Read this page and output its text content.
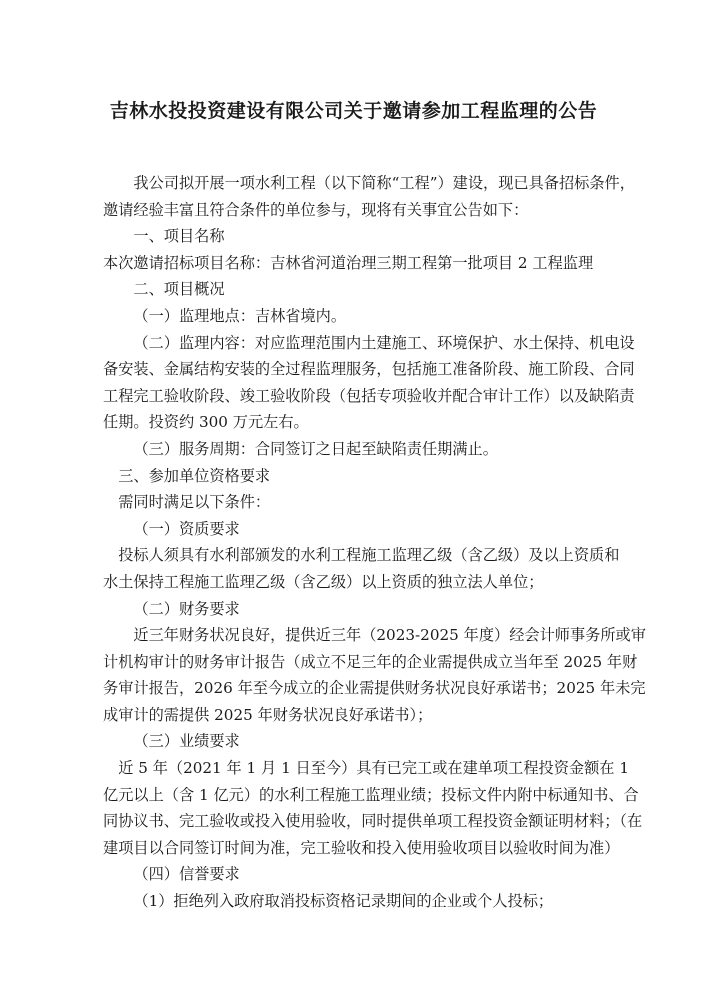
吉林水投投资建设有限公司关于邀请参加工程监理的公告

我公司拟开展一项水利工程（以下简称“工程”）建设，现已具备招标条件，

邀请经验丰富且符合条件的单位参与，现将有关事宜公告如下：

一、项目名称

本次邀请招标项目名称：吉林省河道治理三期工程第一批项目 2 工程监理

二、项目概况

（一）监理地点：吉林省境内。

（二）监理内容：对应监理范围内土建施工、环境保护、水土保持、机电设

备安装、金属结构安装的全过程监理服务，包括施工准备阶段、施工阶段、合同

工程完工验收阶段、竣工验收阶段（包括专项验收并配合审计工作）以及缺陷责

任期。投资约 300 万元左右。

（三）服务周期：合同签订之日起至缺陷责任期满止。

三、参加单位资格要求

需同时满足以下条件：

（一）资质要求

投标人须具有水利部颁发的水利工程施工监理乙级（含乙级）及以上资质和

水土保持工程施工监理乙级（含乙级）以上资质的独立法人单位；

（二）财务要求

近三年财务状况良好，提供近三年（2023-2025 年度）经会计师事务所或审

计机构审计的财务审计报告（成立不足三年的企业需提供成立当年至 2025 年财

务审计报告，2026 年至今成立的企业需提供财务状况良好承诺书；2025 年未完

成审计的需提供 2025 年财务状况良好承诺书）；

（三）业绩要求

近 5 年（2021 年 1 月 1 日至今）具有已完工或在建单项工程投资金额在 1

亿元以上（含 1 亿元）的水利工程施工监理业绩；投标文件内附中标通知书、合

同协议书、完工验收或投入使用验收，同时提供单项工程投资金额证明材料；（在

建项目以合同签订时间为准，完工验收和投入使用验收项目以验收时间为准）

（四）信誉要求

（1）拒绝列入政府取消投标资格记录期间的企业或个人投标；
